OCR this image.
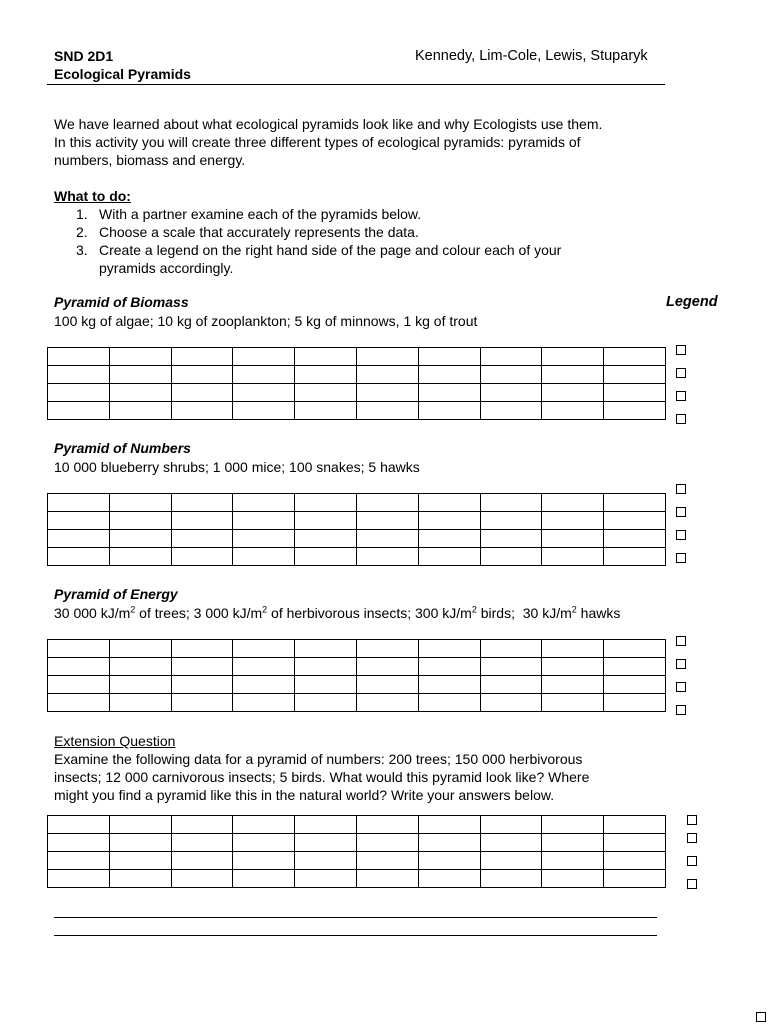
SND 2D1
Ecological Pyramids
Kennedy, Lim-Cole, Lewis, Stuparyk
We have learned about what ecological pyramids look like and why Ecologists use them.
In this activity you will create three different types of ecological pyramids: pyramids of
numbers, biomass and energy.
What to do:
1. With a partner examine each of the pyramids below.
2. Choose a scale that accurately represents the data.
3. Create a legend on the right hand side of the page and colour each of your pyramids accordingly.
Pyramid of Biomass	Legend
100 kg of algae; 10 kg of zooplankton; 5 kg of minnows, 1 kg of trout

Pyramid of Numbers
10 000 blueberry shrubs; 1 000 mice; 100 snakes; 5 hawks

Pyramid of Energy
30 000 $kJ/m^2$ of trees; 3 000 $kJ/m^2$ of herbivorous insects; 300 $kJ/m^2$ birds;  30 $kJ/m^2$ hawks

Extension Question
Examine the following data for a pyramid of numbers: 200 trees; 150 000 herbivorous
insects; 12 000 carnivorous insects; 5 birds. What would this pyramid look like? Where
might you find a pyramid like this in the natural world? Write your answers below.
